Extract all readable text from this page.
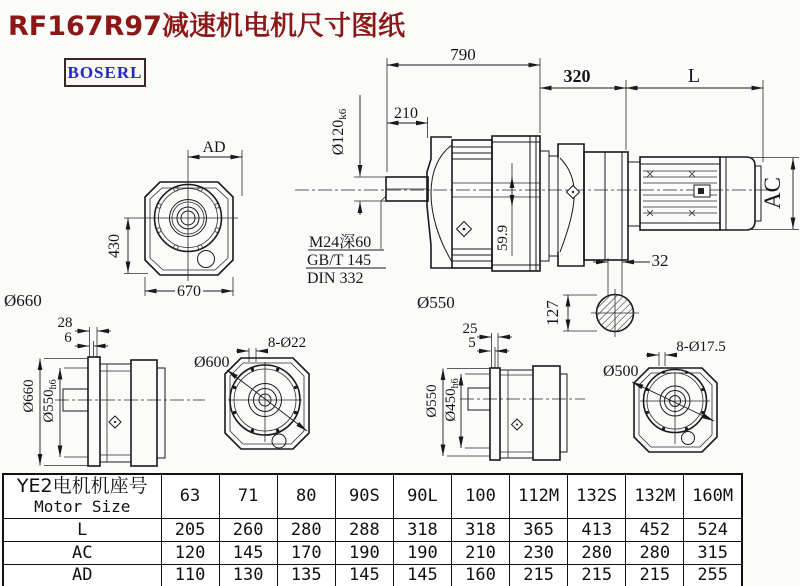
RF167R97减速机电机尺寸图纸
BOSERL
AD
430
670
Ø660
59.9
790
320	L
210
Ø120k6
M24深60
GB/T 145
DIN 332
Ø550
AC
32
127
28
6
Ø660 Ø550h6
Ø600
8-Ø22
25
5
Ø550 Ø450h6
Ø500
8-Ø17.5
YE2电机机座号
Motor Size	63	71	80	90S	90L	100	112M	132S	132M	160M
L	205	260	280	288	318	318	365	413	452	524
AC	120	145	170	190	190	210	230	280	280	315
AD	110	130	135	145	145	160	215	215	215	255
